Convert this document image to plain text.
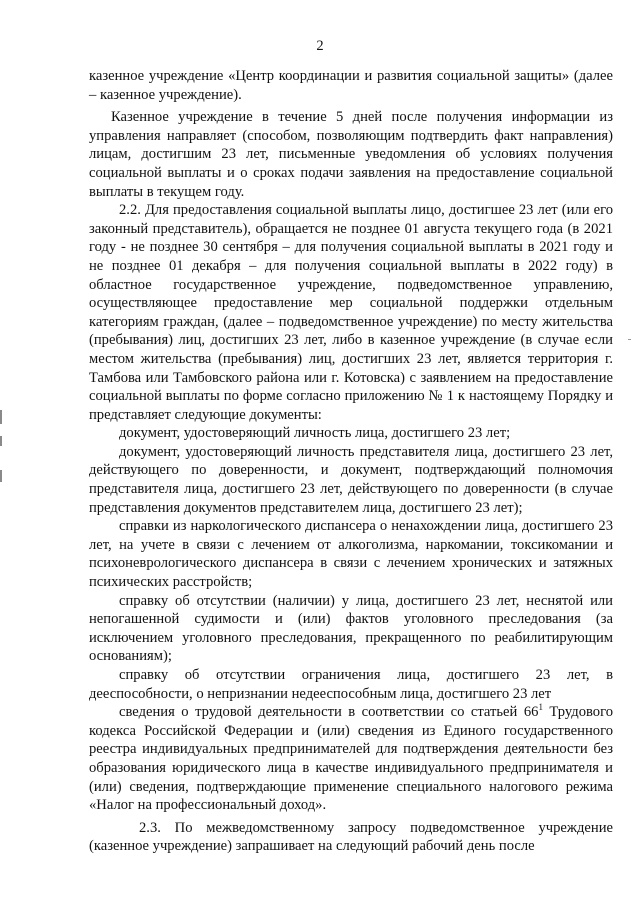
2

казенное учреждение «Центр координации и развития социальной защиты» (далее – казенное учреждение).

Казенное учреждение в течение 5 дней после получения информации из управления направляет (способом, позволяющим подтвердить факт направления) лицам, достигшим 23 лет, письменные уведомления об условиях получения социальной выплаты и о сроках подачи заявления на предоставление социальной выплаты в текущем году.

2.2. Для предоставления социальной выплаты лицо, достигшее 23 лет (или его законный представитель), обращается не позднее 01 августа текущего года (в 2021 году - не позднее 30 сентября – для получения социальной выплаты в 2021 году и не позднее 01 декабря – для получения социальной выплаты в 2022 году) в областное государственное учреждение, подведомственное управлению, осуществляющее предоставление мер социальной поддержки отдельным категориям граждан, (далее – подведомственное учреждение) по месту жительства (пребывания) лиц, достигших 23 лет, либо в казенное учреждение (в случае если местом жительства (пребывания) лиц, достигших 23 лет, является территория г. Тамбова или Тамбовского района или г. Котовска) с заявлением на предоставление социальной выплаты по форме согласно приложению № 1 к настоящему Порядку и представляет следующие документы:

документ, удостоверяющий личность лица, достигшего 23 лет;

документ, удостоверяющий личность представителя лица, достигшего 23 лет, действующего по доверенности, и документ, подтверждающий полномочия представителя лица, достигшего 23 лет, действующего по доверенности (в случае представления документов представителем лица, достигшего 23 лет);

справки из наркологического диспансера о ненахождении лица, достигшего 23 лет, на учете в связи с лечением от алкоголизма, наркомании, токсикомании и психоневрологического диспансера в связи с лечением хронических и затяжных психических расстройств;

справку об отсутствии (наличии) у лица, достигшего 23 лет, неснятой или непогашенной судимости и (или) фактов уголовного преследования (за исключением уголовного преследования, прекращенного по реабилитирующим основаниям);

справку об отсутствии ограничения лица, достигшего 23 лет, в дееспособности, о непризнании недееспособным лица, достигшего 23 лет

сведения о трудовой деятельности в соответствии со статьей $66^1$ Трудового кодекса Российской Федерации и (или) сведения из Единого государственного реестра индивидуальных предпринимателей для подтверждения деятельности без образования юридического лица в качестве индивидуального предпринимателя и (или) сведения, подтверждающие применение специального налогового режима «Налог на профессиональный доход».

2.3. По межведомственному запросу подведомственное учреждение (казенное учреждение) запрашивает на следующий рабочий день после
